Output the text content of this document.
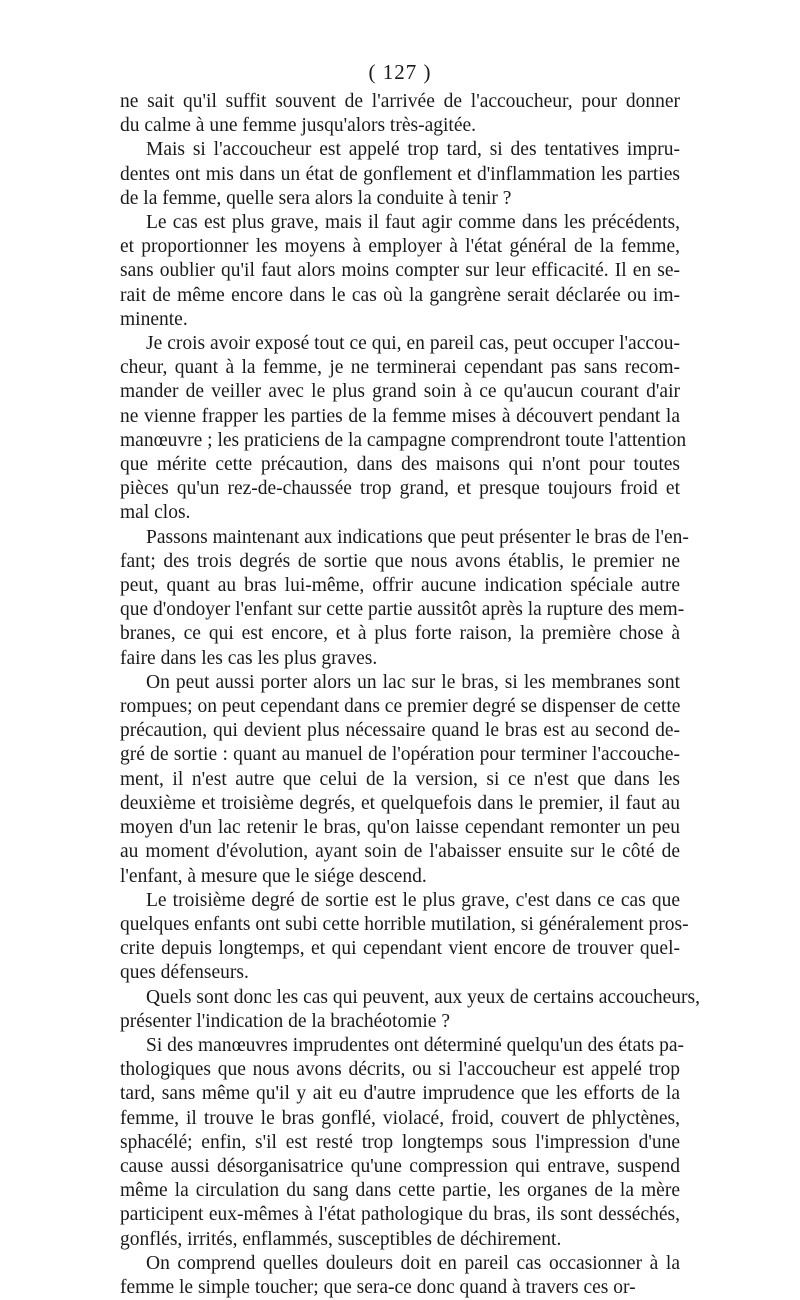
( 127 )
ne sait qu'il suffit souvent de l'arrivée de l'accoucheur, pour donner
du calme à une femme jusqu'alors très-agitée.
Mais si l'accoucheur est appelé trop tard, si des tentatives impru-
dentes ont mis dans un état de gonflement et d'inflammation les parties
de la femme, quelle sera alors la conduite à tenir ?
Le cas est plus grave, mais il faut agir comme dans les précédents,
et proportionner les moyens à employer à l'état général de la femme,
sans oublier qu'il faut alors moins compter sur leur efficacité. Il en se-
rait de même encore dans le cas où la gangrène serait déclarée ou im-
minente.
Je crois avoir exposé tout ce qui, en pareil cas, peut occuper l'accou-
cheur, quant à la femme, je ne terminerai cependant pas sans recom-
mander de veiller avec le plus grand soin à ce qu'aucun courant d'air
ne vienne frapper les parties de la femme mises à découvert pendant la
manœuvre ; les praticiens de la campagne comprendront toute l'attention
que mérite cette précaution, dans des maisons qui n'ont pour toutes
pièces qu'un rez-de-chaussée trop grand, et presque toujours froid et
mal clos.
Passons maintenant aux indications que peut présenter le bras de l'en-
fant; des trois degrés de sortie que nous avons établis, le premier ne
peut, quant au bras lui-même, offrir aucune indication spéciale autre
que d'ondoyer l'enfant sur cette partie aussitôt après la rupture des mem-
branes, ce qui est encore, et à plus forte raison, la première chose à
faire dans les cas les plus graves.
On peut aussi porter alors un lac sur le bras, si les membranes sont
rompues; on peut cependant dans ce premier degré se dispenser de cette
précaution, qui devient plus nécessaire quand le bras est au second de-
gré de sortie : quant au manuel de l'opération pour terminer l'accouche-
ment, il n'est autre que celui de la version, si ce n'est que dans les
deuxième et troisième degrés, et quelquefois dans le premier, il faut au
moyen d'un lac retenir le bras, qu'on laisse cependant remonter un peu
au moment d'évolution, ayant soin de l'abaisser ensuite sur le côté de
l'enfant, à mesure que le siége descend.
Le troisième degré de sortie est le plus grave, c'est dans ce cas que
quelques enfants ont subi cette horrible mutilation, si généralement pros-
crite depuis longtemps, et qui cependant vient encore de trouver quel-
ques défenseurs.
Quels sont donc les cas qui peuvent, aux yeux de certains accoucheurs,
présenter l'indication de la brachéotomie ?
Si des manœuvres imprudentes ont déterminé quelqu'un des états pa-
thologiques que nous avons décrits, ou si l'accoucheur est appelé trop
tard, sans même qu'il y ait eu d'autre imprudence que les efforts de la
femme, il trouve le bras gonflé, violacé, froid, couvert de phlyctènes,
sphacélé; enfin, s'il est resté trop longtemps sous l'impression d'une
cause aussi désorganisatrice qu'une compression qui entrave, suspend
même la circulation du sang dans cette partie, les organes de la mère
participent eux-mêmes à l'état pathologique du bras, ils sont desséchés,
gonflés, irrités, enflammés, susceptibles de déchirement.
On comprend quelles douleurs doit en pareil cas occasionner à la
femme le simple toucher; que sera-ce donc quand à travers ces or-
